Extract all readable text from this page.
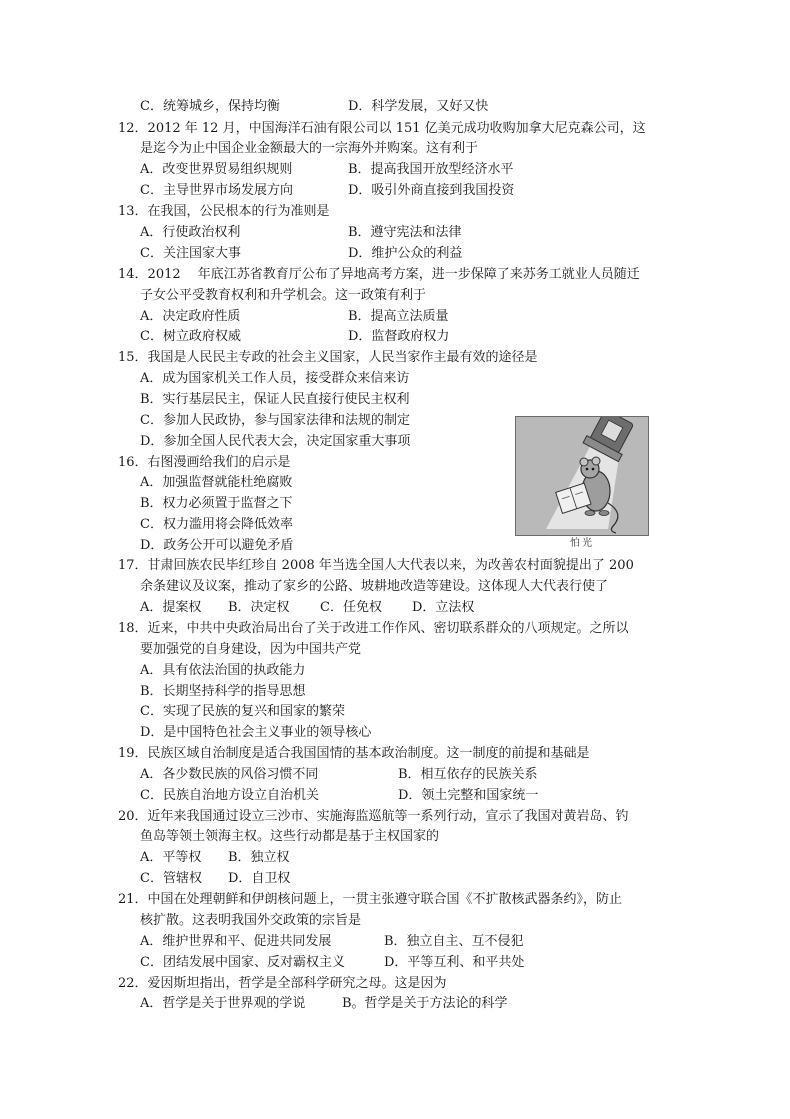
C．统筹城乡，保持均衡	D．科学发展，又好又快
12．2012 年 12 月，中国海洋石油有限公司以 151 亿美元成功收购加拿大尼克森公司，这
是迄今为止中国企业金额最大的一宗海外并购案。这有利于
A．改变世界贸易组织规则	B．提高我国开放型经济水平
C．主导世界市场发展方向	D．吸引外商直接到我国投资
13．在我国，公民根本的行为准则是
A．行使政治权利	B．遵守宪法和法律
C．关注国家大事	D．维护公众的利益
14．2012　 年底江苏省教育厅公布了异地高考方案，进一步保障了来苏务工就业人员随迁
子女公平受教育权利和升学机会。这一政策有利于
A．决定政府性质	B．提高立法质量
C．树立政府权威	D．监督政府权力
15．我国是人民民主专政的社会主义国家，人民当家作主最有效的途径是
A．成为国家机关工作人员，接受群众来信来访
B．实行基层民主，保证人民直接行使民主权利
C．参加人民政协，参与国家法律和法规的制定
D．参加全国人民代表大会，决定国家重大事项
16．右图漫画给我们的启示是
A．加强监督就能杜绝腐败
B．权力必须置于监督之下
C．权力滥用将会降低效率
D．政务公开可以避免矛盾	怕光
17．甘肃回族农民毕红珍自 2008 年当选全国人大代表以来，为改善农村面貌提出了 200
余条建议及议案，推动了家乡的公路、坡耕地改造等建设。这体现人大代表行使了
A．提案权 B．决定权 C．任免权 D．立法权
18．近来，中共中央政治局出台了关于改进工作作风、密切联系群众的八项规定。之所以
要加强党的自身建设，因为中国共产党
A．具有依法治国的执政能力
B．长期坚持科学的指导思想
C．实现了民族的复兴和国家的繁荣
D．是中国特色社会主义事业的领导核心
19．民族区域自治制度是适合我国国情的基本政治制度。这一制度的前提和基础是
A．各少数民族的风俗习惯不同	B．相互依存的民族关系
C．民族自治地方设立自治机关	D．领土完整和国家统一
20．近年来我国通过设立三沙市、实施海监巡航等一系列行动，宣示了我国对黄岩岛、钓
鱼岛等领土领海主权。这些行动都是基于主权国家的
A．平等权 B．独立权
C．管辖权 D．自卫权
21．中国在处理朝鲜和伊朗核问题上，一贯主张遵守联合国《不扩散核武器条约》，防止
核扩散。这表明我国外交政策的宗旨是
A．维护世界和平、促进共同发展	B．独立自主、互不侵犯
C．团结发展中国家、反对霸权主义	D．平等互利、和平共处
22．爱因斯坦指出，哲学是全部科学研究之母。这是因为
A．哲学是关于世界观的学说	B。哲学是关于方法论的科学
